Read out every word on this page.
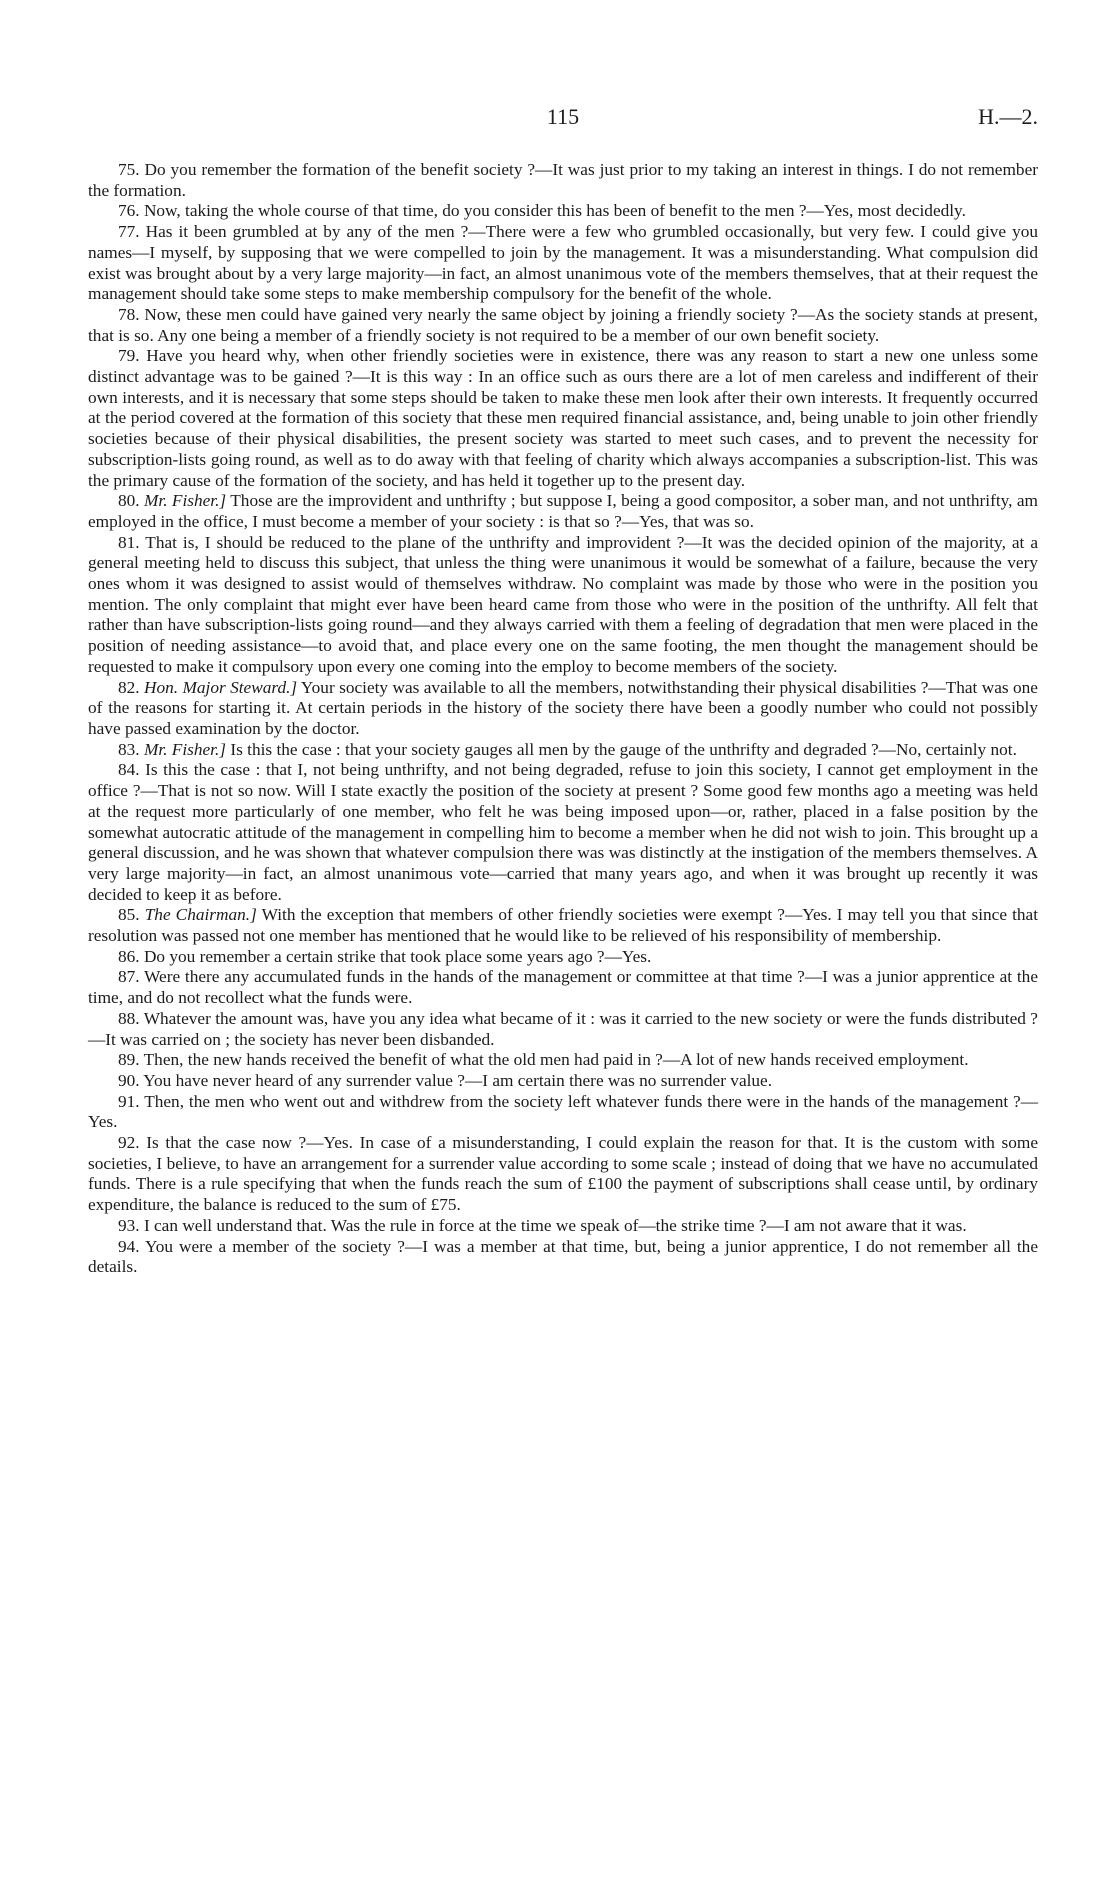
115	H.—2.

75. Do you remember the formation of the benefit society ?—It was just prior to my taking an interest in things. I do not remember the formation.

76. Now, taking the whole course of that time, do you consider this has been of benefit to the men ?—Yes, most decidedly.

77. Has it been grumbled at by any of the men ?—There were a few who grumbled occasionally, but very few. I could give you names—I myself, by supposing that we were compelled to join by the management. It was a misunderstanding. What compulsion did exist was brought about by a very large majority—in fact, an almost unanimous vote of the members themselves, that at their request the management should take some steps to make membership compulsory for the benefit of the whole.

78. Now, these men could have gained very nearly the same object by joining a friendly society ?—As the society stands at present, that is so. Any one being a member of a friendly society is not required to be a member of our own benefit society.

79. Have you heard why, when other friendly societies were in existence, there was any reason to start a new one unless some distinct advantage was to be gained ?—It is this way : In an office such as ours there are a lot of men careless and indifferent of their own interests, and it is necessary that some steps should be taken to make these men look after their own interests. It frequently occurred at the period covered at the formation of this society that these men required financial assistance, and, being unable to join other friendly societies because of their physical disabilities, the present society was started to meet such cases, and to prevent the necessity for subscription-lists going round, as well as to do away with that feeling of charity which always accompanies a subscription-list. This was the primary cause of the formation of the society, and has held it together up to the present day.

80. Mr. Fisher.] Those are the improvident and unthrifty ; but suppose I, being a good compositor, a sober man, and not unthrifty, am employed in the office, I must become a member of your society : is that so ?—Yes, that was so.

81. That is, I should be reduced to the plane of the unthrifty and improvident ?—It was the decided opinion of the majority, at a general meeting held to discuss this subject, that unless the thing were unanimous it would be somewhat of a failure, because the very ones whom it was designed to assist would of themselves withdraw. No complaint was made by those who were in the position you mention. The only complaint that might ever have been heard came from those who were in the position of the unthrifty. All felt that rather than have subscription-lists going round—and they always carried with them a feeling of degradation that men were placed in the position of needing assistance—to avoid that, and place every one on the same footing, the men thought the management should be requested to make it compulsory upon every one coming into the employ to become members of the society.

82. Hon. Major Steward.] Your society was available to all the members, notwithstanding their physical disabilities ?—That was one of the reasons for starting it. At certain periods in the history of the society there have been a goodly number who could not possibly have passed examination by the doctor.

83. Mr. Fisher.] Is this the case : that your society gauges all men by the gauge of the unthrifty and degraded ?—No, certainly not.

84. Is this the case : that I, not being unthrifty, and not being degraded, refuse to join this society, I cannot get employment in the office ?—That is not so now. Will I state exactly the position of the society at present ? Some good few months ago a meeting was held at the request more particularly of one member, who felt he was being imposed upon—or, rather, placed in a false position by the somewhat autocratic attitude of the management in compelling him to become a member when he did not wish to join. This brought up a general discussion, and he was shown that whatever compulsion there was was distinctly at the instigation of the members themselves. A very large majority—in fact, an almost unanimous vote—carried that many years ago, and when it was brought up recently it was decided to keep it as before.

85. The Chairman.] With the exception that members of other friendly societies were exempt ?—Yes. I may tell you that since that resolution was passed not one member has mentioned that he would like to be relieved of his responsibility of membership.

86. Do you remember a certain strike that took place some years ago ?—Yes.

87. Were there any accumulated funds in the hands of the management or committee at that time ?—I was a junior apprentice at the time, and do not recollect what the funds were.

88. Whatever the amount was, have you any idea what became of it : was it carried to the new society or were the funds distributed ?—It was carried on ; the society has never been disbanded.

89. Then, the new hands received the benefit of what the old men had paid in ?—A lot of new hands received employment.

90. You have never heard of any surrender value ?—I am certain there was no surrender value.

91. Then, the men who went out and withdrew from the society left whatever funds there were in the hands of the management ?—Yes.

92. Is that the case now ?—Yes. In case of a misunderstanding, I could explain the reason for that. It is the custom with some societies, I believe, to have an arrangement for a surrender value according to some scale ; instead of doing that we have no accumulated funds. There is a rule specifying that when the funds reach the sum of £100 the payment of subscriptions shall cease until, by ordinary expenditure, the balance is reduced to the sum of £75.

93. I can well understand that. Was the rule in force at the time we speak of—the strike time ?—I am not aware that it was.

94. You were a member of the society ?—I was a member at that time, but, being a junior apprentice, I do not remember all the details.
